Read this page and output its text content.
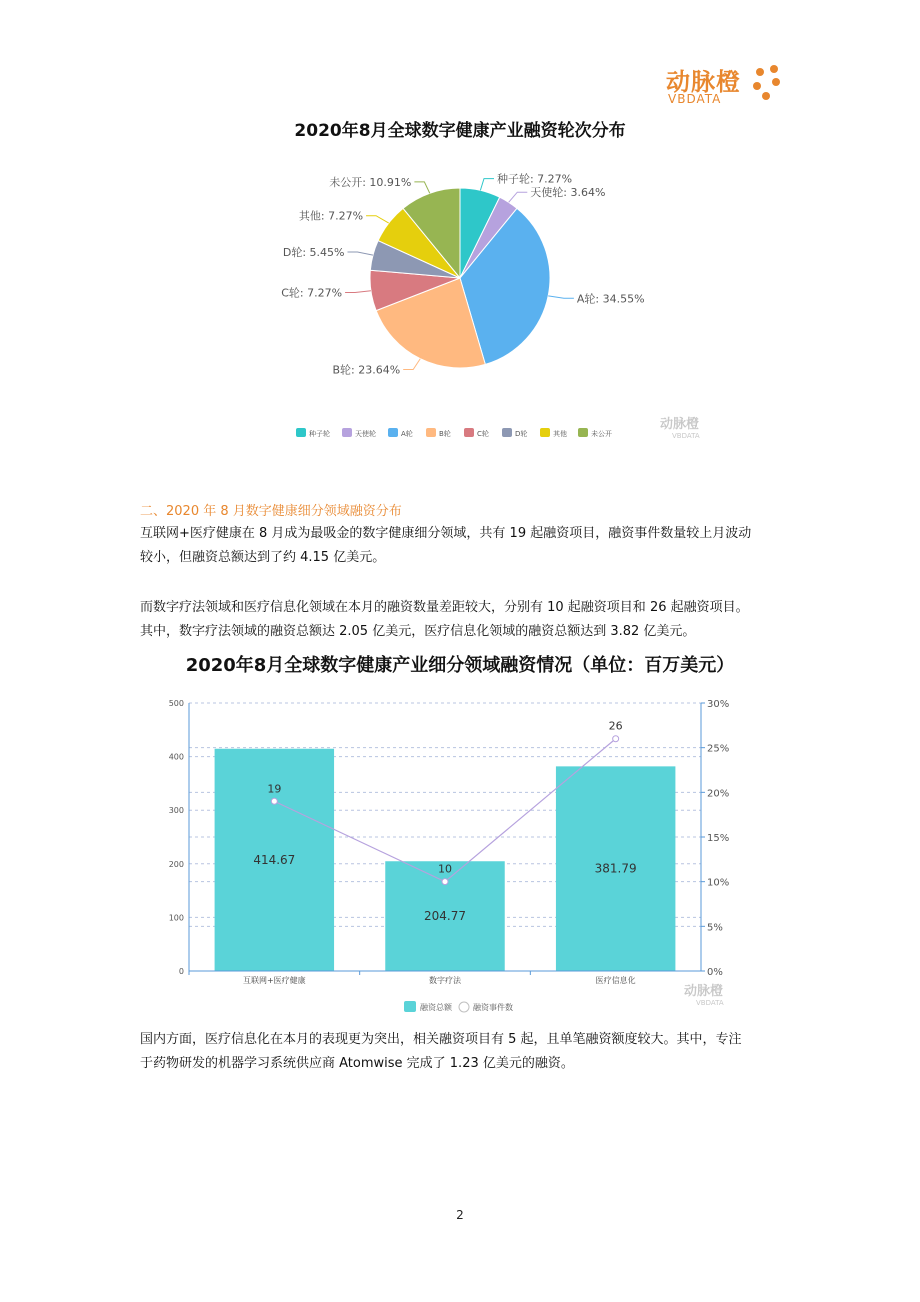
动脉橙
VBDATA
2020年8月全球数字健康产业融资轮次分布
种子轮: 7.27%
天使轮: 3.64%
A轮: 34.55%
B轮: 23.64%
C轮: 7.27%
D轮: 5.45%
其他: 7.27%
未公开: 10.91%
种子轮	天使轮	A轮	B轮	C轮	D轮	其他	未公开
动脉橙
VBDATA
二、2020 年 8 月数字健康细分领域融资分布
互联网+医疗健康在 8 月成为最吸金的数字健康细分领域，共有 19 起融资项目，融资事件数量较上月波动
较小，但融资总额达到了约 4.15 亿美元。
而数字疗法领域和医疗信息化领域在本月的融资数量差距较大，分别有 10 起融资项目和 26 起融资项目。
其中，数字疗法领域的融资总额达 2.05 亿美元，医疗信息化领域的融资总额达到 3.82 亿美元。
2020年8月全球数字健康产业细分领域融资情况（单位：百万美元）
414.67
204.77
381.79
19
10
26
0
100
200
300
400
500
0%
5%
10%
15%
20%
25%
30%
互联网+医疗健康	数字疗法	医疗信息化
融资总额	融资事件数
动脉橙
VBDATA
国内方面，医疗信息化在本月的表现更为突出，相关融资项目有 5 起，且单笔融资额度较大。其中，专注
于药物研发的机器学习系统供应商 Atomwise 完成了 1.23 亿美元的融资。
2
